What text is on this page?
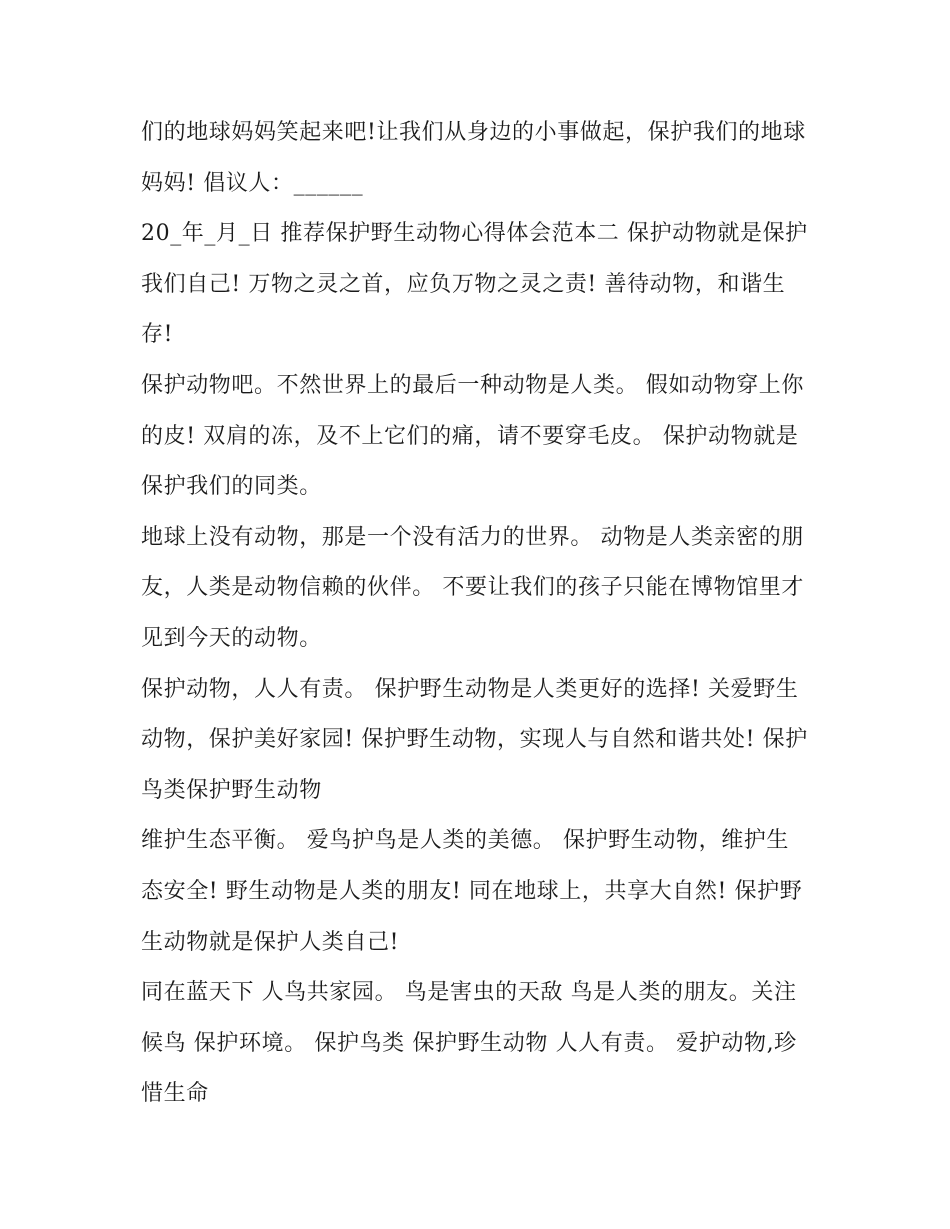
们的地球妈妈笑起来吧!让我们从身边的小事做起，保护我们的地球妈妈! 倡议人：______

20_年_月_日 推荐保护野生动物心得体会范本二 保护动物就是保护我们自己! 万物之灵之首，应负万物之灵之责! 善待动物，和谐生存!

保护动物吧。不然世界上的最后一种动物是人类。 假如动物穿上你的皮! 双肩的冻，及不上它们的痛，请不要穿毛皮。 保护动物就是保护我们的同类。

地球上没有动物，那是一个没有活力的世界。 动物是人类亲密的朋友，人类是动物信赖的伙伴。 不要让我们的孩子只能在博物馆里才见到今天的动物。

保护动物，人人有责。 保护野生动物是人类更好的选择! 关爱野生动物，保护美好家园! 保护野生动物，实现人与自然和谐共处! 保护鸟类保护野生动物

维护生态平衡。 爱鸟护鸟是人类的美德。 保护野生动物，维护生态安全! 野生动物是人类的朋友! 同在地球上，共享大自然! 保护野生动物就是保护人类自己!

同在蓝天下 人鸟共家园。 鸟是害虫的天敌 鸟是人类的朋友。关注候鸟 保护环境。 保护鸟类 保护野生动物 人人有责。 爱护动物,珍惜生命
